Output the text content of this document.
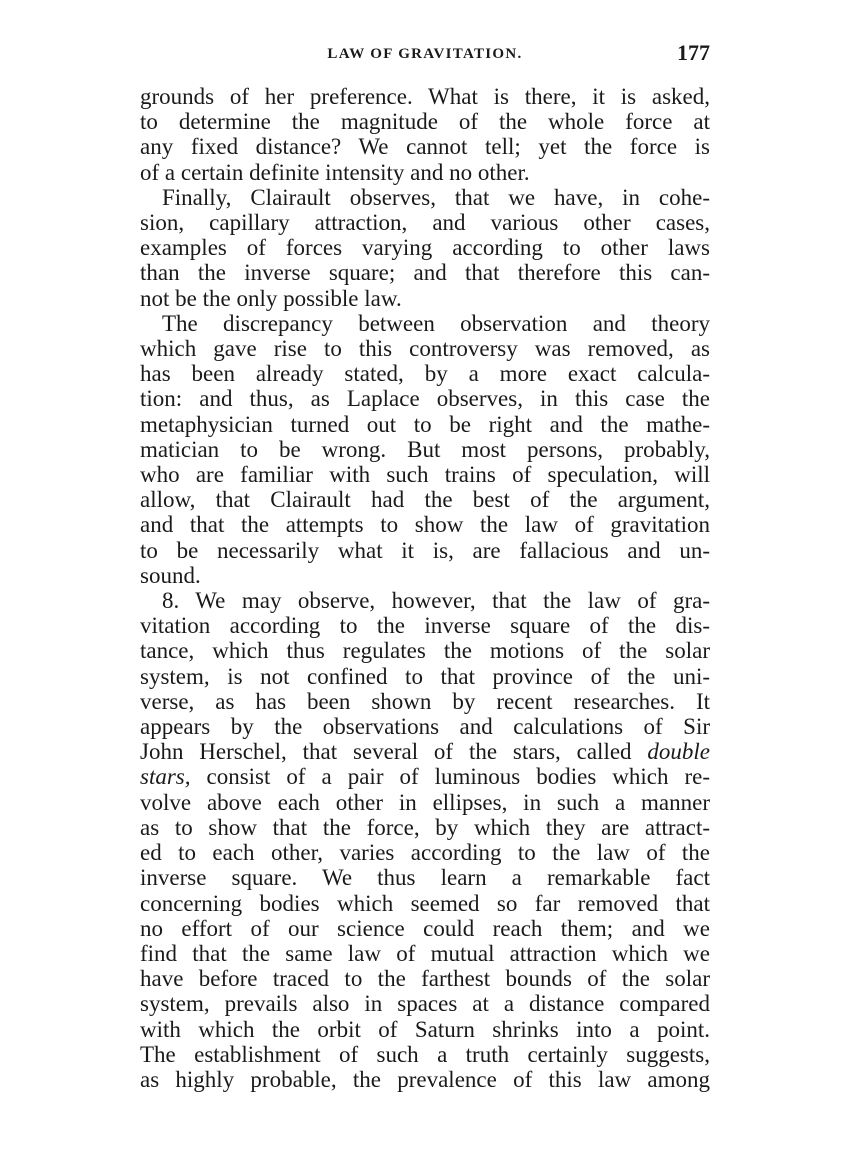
LAW OF GRAVITATION.	177
grounds of her preference. What is there, it is asked,
to determine the magnitude of the whole force at
any fixed distance? We cannot tell; yet the force is
of a certain definite intensity and no other.
Finally, Clairault observes, that we have, in cohe-
sion, capillary attraction, and various other cases,
examples of forces varying according to other laws
than the inverse square; and that therefore this can-
not be the only possible law.
The discrepancy between observation and theory
which gave rise to this controversy was removed, as
has been already stated, by a more exact calcula-
tion: and thus, as Laplace observes, in this case the
metaphysician turned out to be right and the mathe-
matician to be wrong. But most persons, probably,
who are familiar with such trains of speculation, will
allow, that Clairault had the best of the argument,
and that the attempts to show the law of gravitation
to be necessarily what it is, are fallacious and un-
sound.
8. We may observe, however, that the law of gra-
vitation according to the inverse square of the dis-
tance, which thus regulates the motions of the solar
system, is not confined to that province of the uni-
verse, as has been shown by recent researches. It
appears by the observations and calculations of Sir
John Herschel, that several of the stars, called double
stars, consist of a pair of luminous bodies which re-
volve above each other in ellipses, in such a manner
as to show that the force, by which they are attract-
ed to each other, varies according to the law of the
inverse square. We thus learn a remarkable fact
concerning bodies which seemed so far removed that
no effort of our science could reach them; and we
find that the same law of mutual attraction which we
have before traced to the farthest bounds of the solar
system, prevails also in spaces at a distance compared
with which the orbit of Saturn shrinks into a point.
The establishment of such a truth certainly suggests,
as highly probable, the prevalence of this law among
